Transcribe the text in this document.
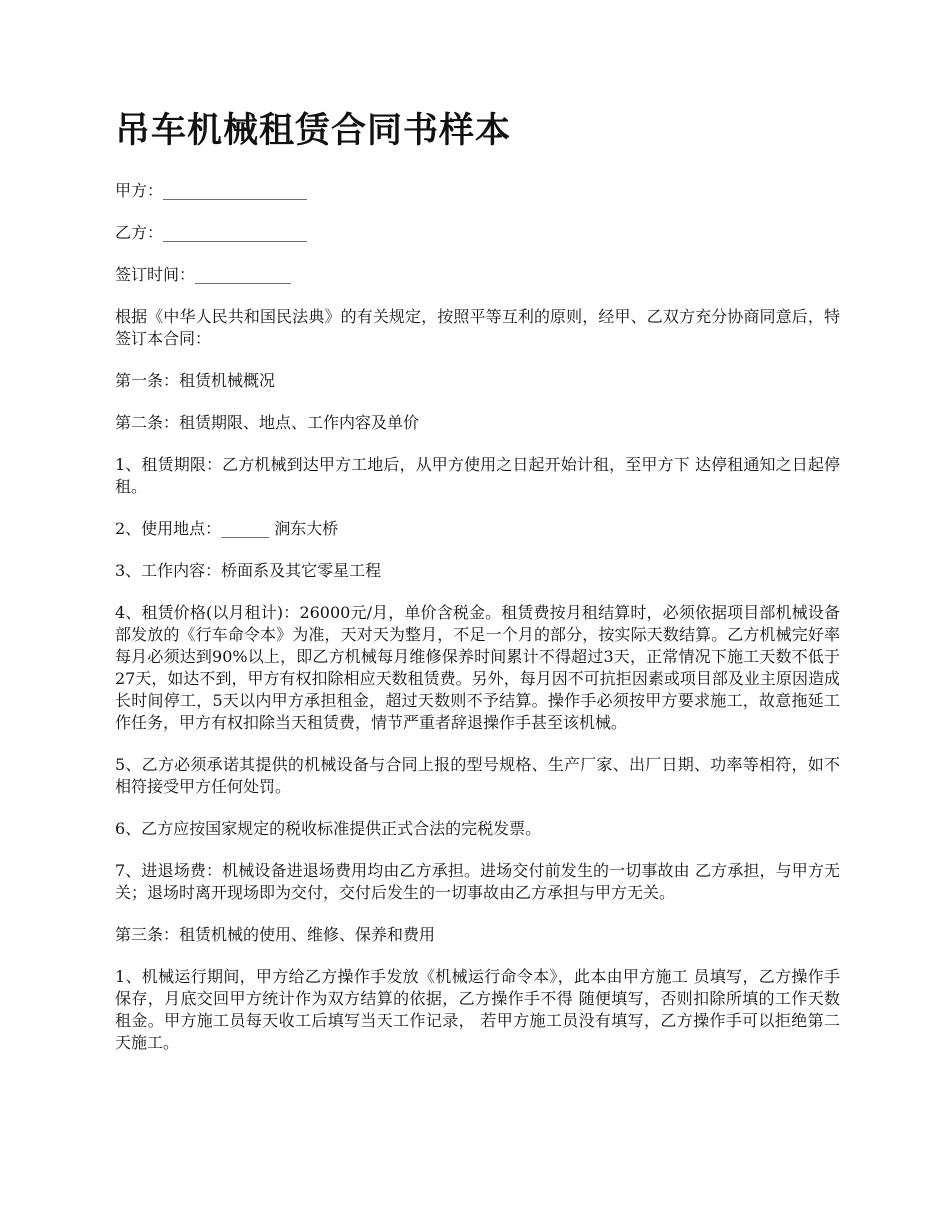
吊车机械租赁合同书样本

甲方：__________________

乙方：__________________

签订时间：____________

根据《中华人民共和国民法典》的有关规定，按照平等互利的原则，经甲、乙双方充分协商同意后，特签订本合同：

第一条：租赁机械概况

第二条：租赁期限、地点、工作内容及单价

1、租赁期限：乙方机械到达甲方工地后，从甲方使用之日起开始计租，至甲方下 达停租通知之日起停租。

2、使用地点：______ 涧东大桥

3、工作内容：桥面系及其它零星工程

4、租赁价格(以月租计)：26000元/月，单价含税金。租赁费按月租结算时，必须依据项目部机械设备部发放的《行车命令本》为准，天对天为整月，不足一个月的部分，按实际天数结算。乙方机械完好率每月必须达到90%以上，即乙方机械每月维修保养时间累计不得超过3天，正常情况下施工天数不低于27天，如达不到，甲方有权扣除相应天数租赁费。另外，每月因不可抗拒因素或项目部及业主原因造成长时间停工，5天以内甲方承担租金，超过天数则不予结算。操作手必须按甲方要求施工，故意拖延工作任务，甲方有权扣除当天租赁费，情节严重者辞退操作手甚至该机械。

5、乙方必须承诺其提供的机械设备与合同上报的型号规格、生产厂家、出厂日期、功率等相符，如不相符接受甲方任何处罚。

6、乙方应按国家规定的税收标准提供正式合法的完税发票。

7、进退场费：机械设备进退场费用均由乙方承担。进场交付前发生的一切事故由 乙方承担，与甲方无关；退场时离开现场即为交付，交付后发生的一切事故由乙方承担与甲方无关。

第三条：租赁机械的使用、维修、保养和费用

1、机械运行期间，甲方给乙方操作手发放《机械运行命令本》，此本由甲方施工 员填写，乙方操作手保存，月底交回甲方统计作为双方结算的依据，乙方操作手不得 随便填写，否则扣除所填的工作天数租金。甲方施工员每天收工后填写当天工作记录， 若甲方施工员没有填写，乙方操作手可以拒绝第二天施工。
